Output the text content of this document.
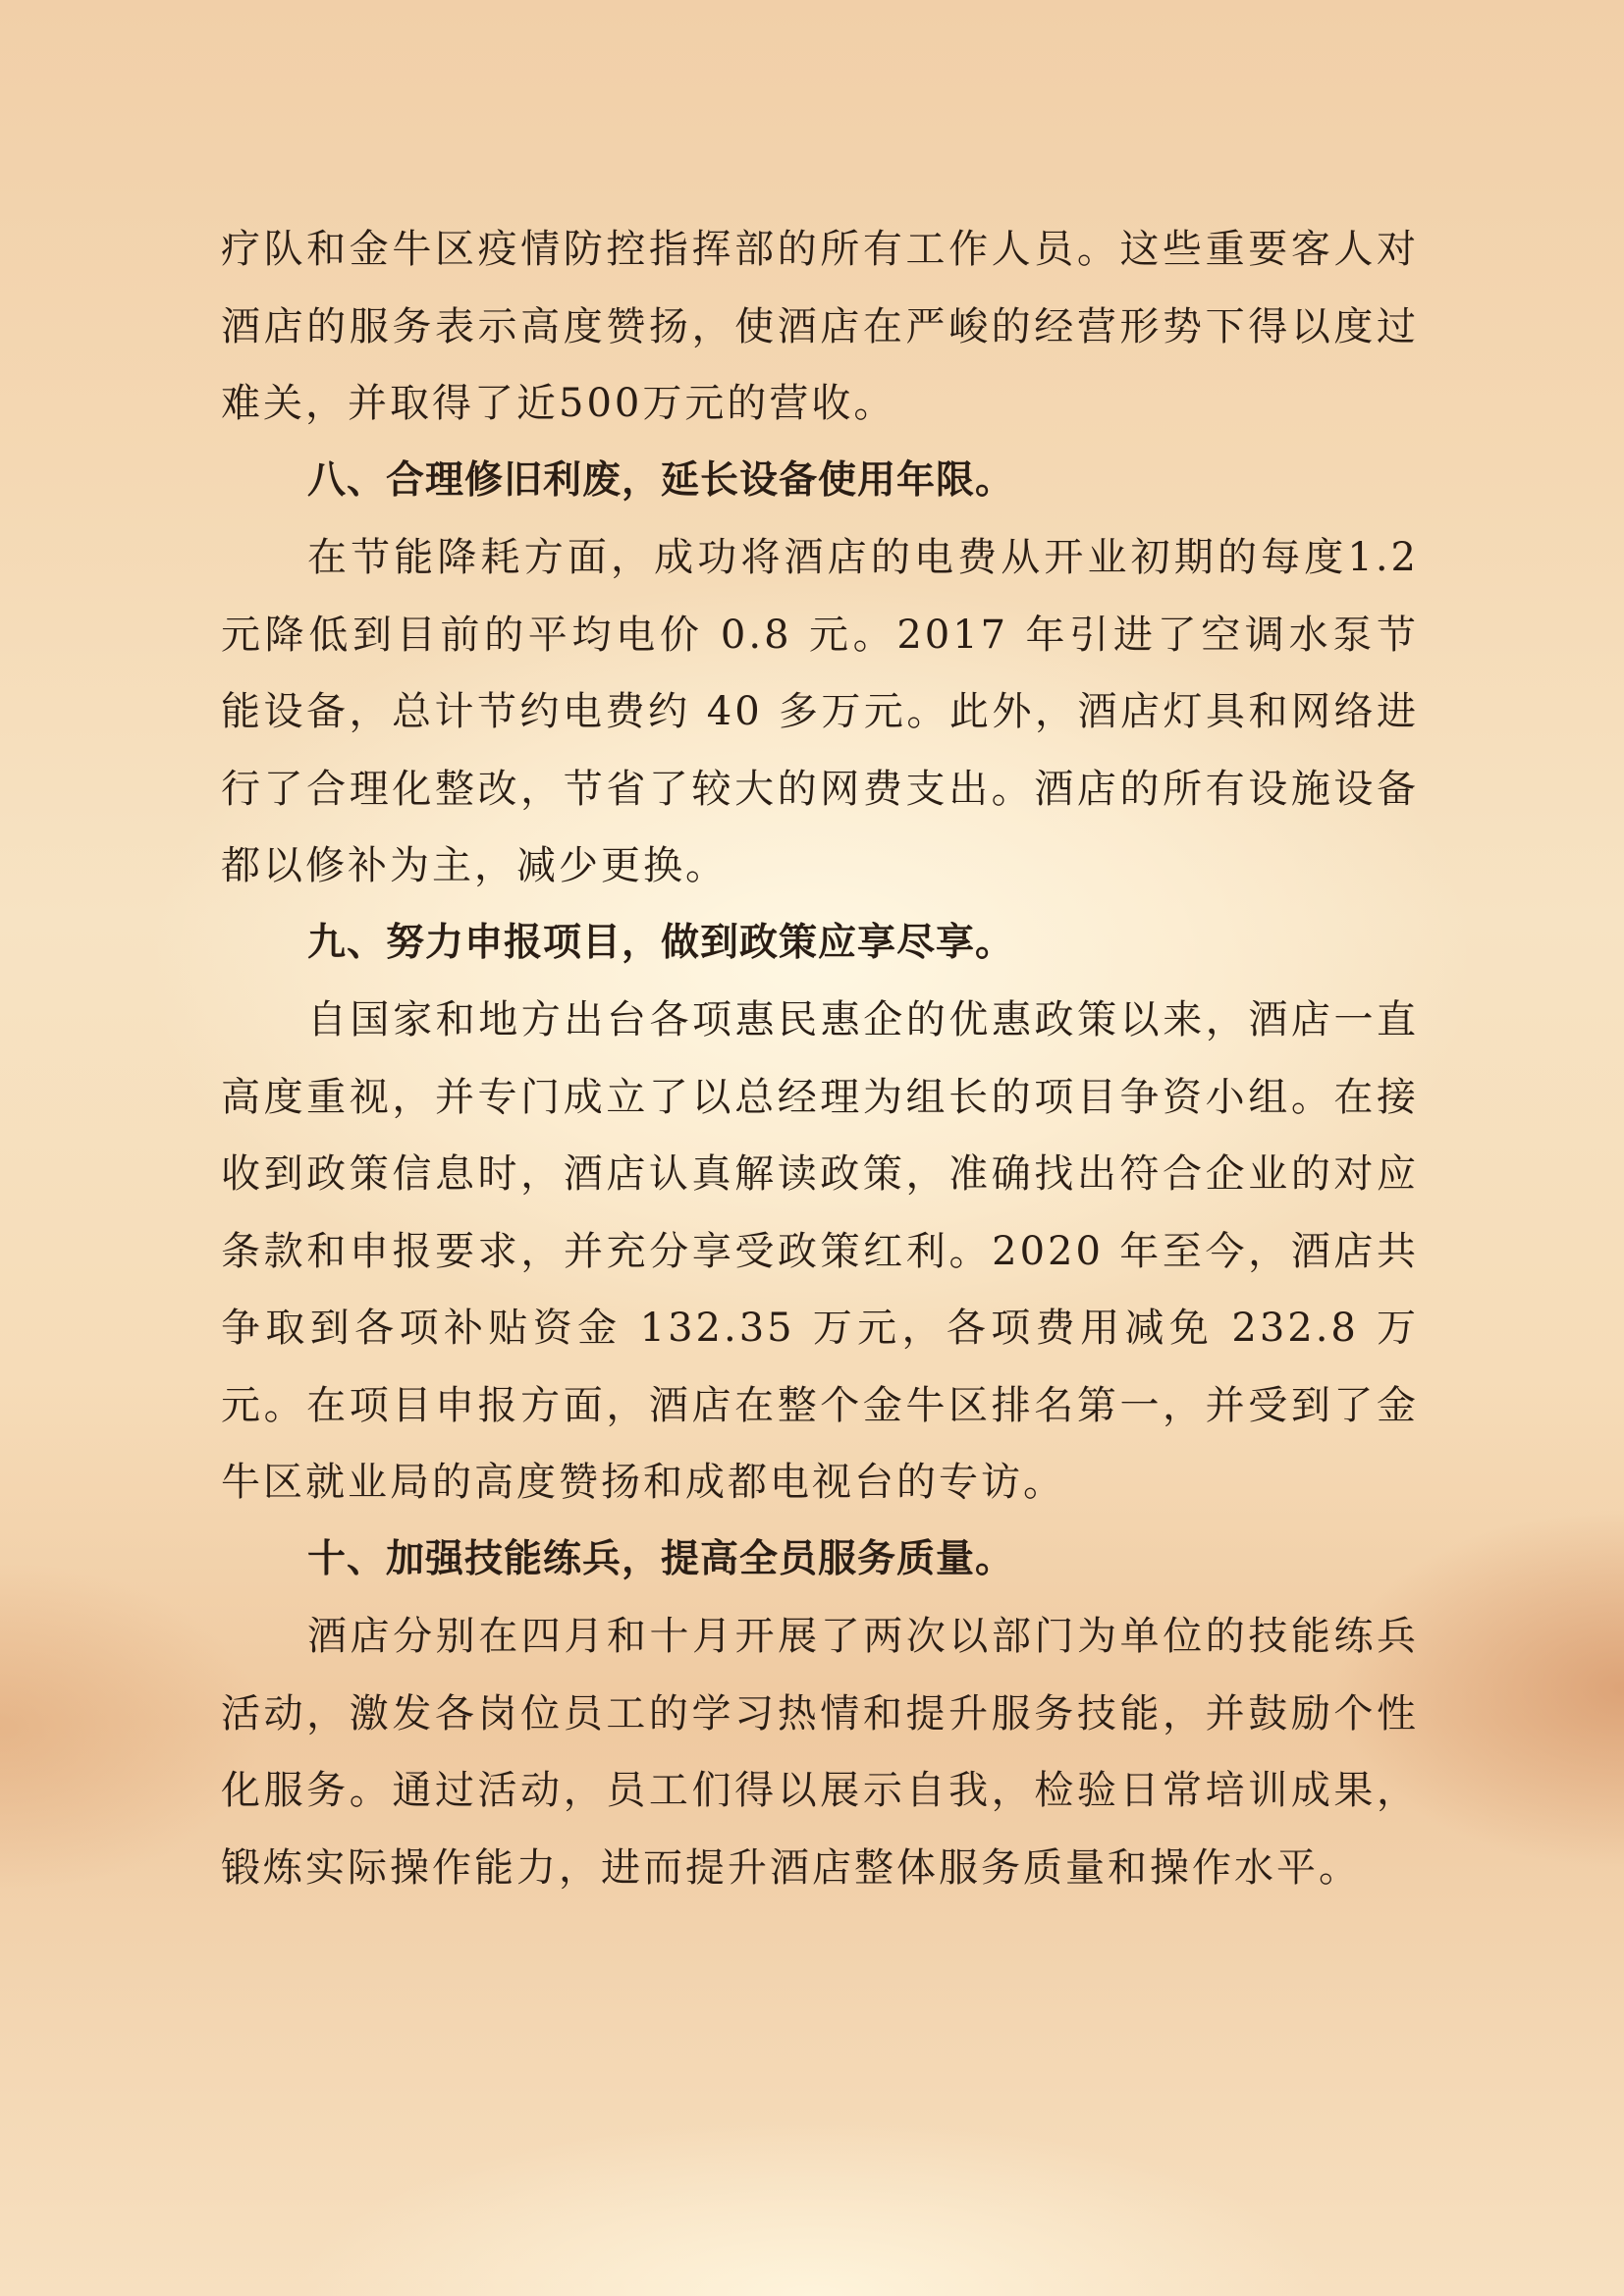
疗队和金牛区疫情防控指挥部的所有工作人员。这些重要客人对酒店的服务表示高度赞扬，使酒店在严峻的经营形势下得以度过难关，并取得了近500万元的营收。

八、合理修旧利废，延长设备使用年限。

在节能降耗方面，成功将酒店的电费从开业初期的每度1.2 元降低到目前的平均电价 0.8 元。2017 年引进了空调水泵节能设备，总计节约电费约 40 多万元。此外，酒店灯具和网络进行了合理化整改，节省了较大的网费支出。酒店的所有设施设备都以修补为主，减少更换。

九、努力申报项目，做到政策应享尽享。

自国家和地方出台各项惠民惠企的优惠政策以来，酒店一直高度重视，并专门成立了以总经理为组长的项目争资小组。在接收到政策信息时，酒店认真解读政策，准确找出符合企业的对应条款和申报要求，并充分享受政策红利。2020 年至今，酒店共争取到各项补贴资金 132.35 万元，各项费用减免 232.8 万元。在项目申报方面，酒店在整个金牛区排名第一，并受到了金牛区就业局的高度赞扬和成都电视台的专访。

十、加强技能练兵，提高全员服务质量。

酒店分别在四月和十月开展了两次以部门为单位的技能练兵活动，激发各岗位员工的学习热情和提升服务技能，并鼓励个性化服务。通过活动，员工们得以展示自我，检验日常培训成果，锻炼实际操作能力，进而提升酒店整体服务质量和操作水平。
